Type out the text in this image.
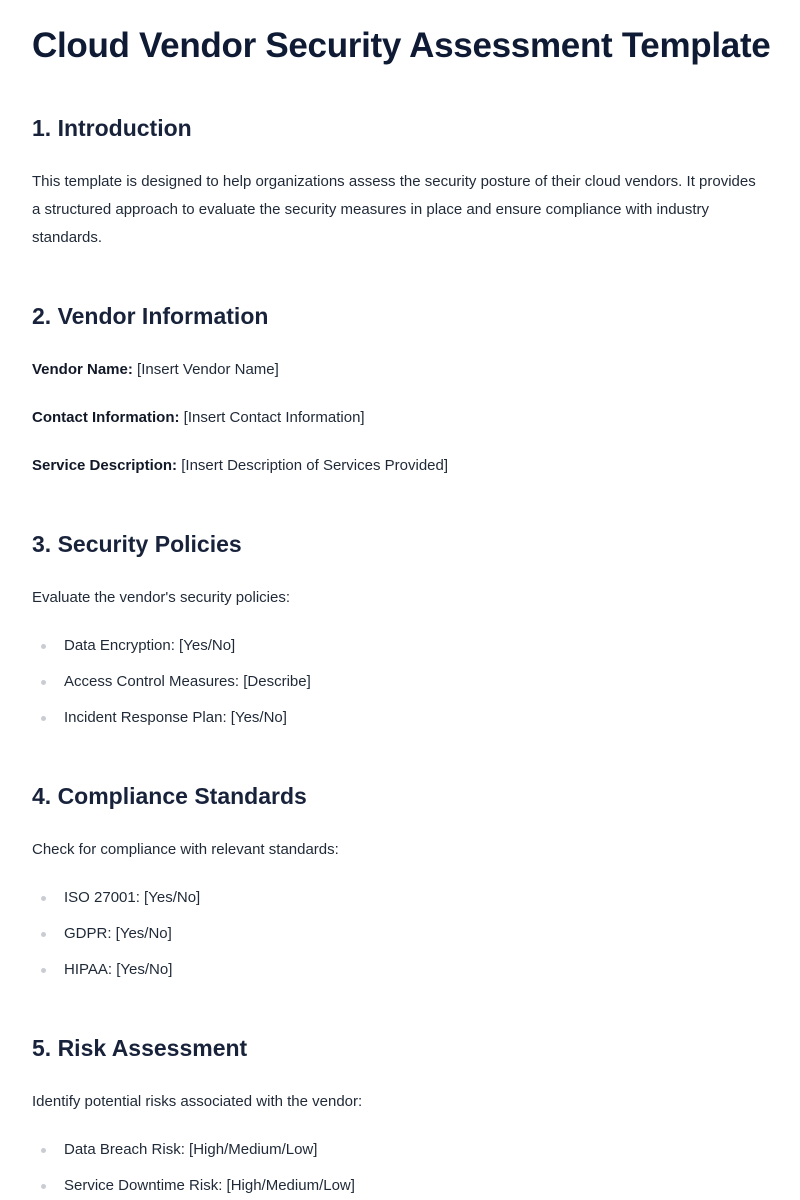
Cloud Vendor Security Assessment Template
1. Introduction

This template is designed to help organizations assess the security posture of their cloud vendors. It provides a structured approach to evaluate the security measures in place and ensure compliance with industry standards.

2. Vendor Information

Vendor Name: [Insert Vendor Name]

Contact Information: [Insert Contact Information]

Service Description: [Insert Description of Services Provided]

3. Security Policies

Evaluate the vendor's security policies:

Data Encryption: [Yes/No]
Access Control Measures: [Describe]
Incident Response Plan: [Yes/No]
4. Compliance Standards

Check for compliance with relevant standards:

ISO 27001: [Yes/No]
GDPR: [Yes/No]
HIPAA: [Yes/No]
5. Risk Assessment

Identify potential risks associated with the vendor:

Data Breach Risk: [High/Medium/Low]
Service Downtime Risk: [High/Medium/Low]
